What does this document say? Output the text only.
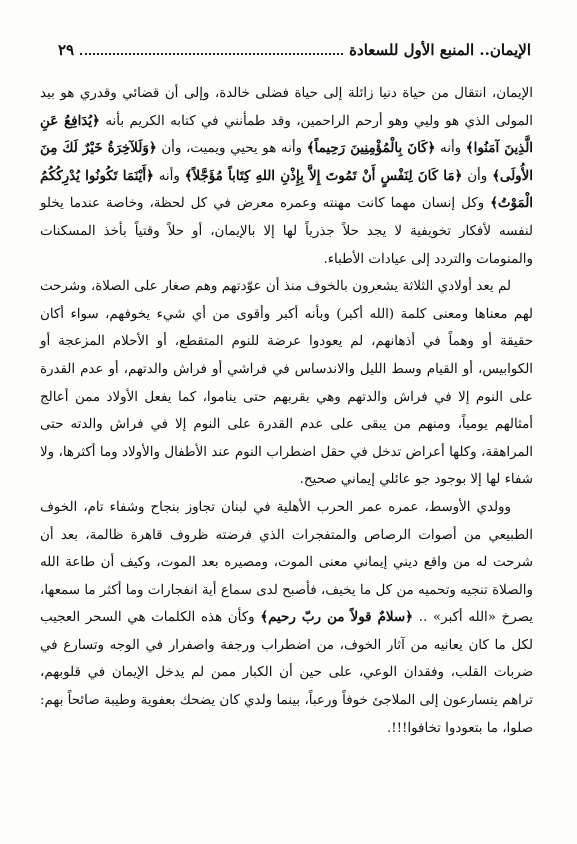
الإيمان.. المنبع الأول للسعادة
٢٩

الإيمان، انتقال من حياة دنيا زائلة إلى حياة فضلى خالدة، وإلى أن قضائي وقدري هو بيد المولى الذي هو وليي وهو أرحم الراحمين، وقد طمأنني في كتابه الكريم بأنه ﴿يُدَافِعُ عَنِ الَّذِينَ آمَنُوا﴾ وأنه ﴿كَانَ بِالْمُؤْمِنِينَ رَحِيماً﴾ وأنه هو يحيي ويميت، وأن ﴿وَلَلآخِرَةُ خَيْرٌ لَكَ مِنَ الأُولَى﴾ وأن ﴿مَا كَانَ لِنَفْسٍ أَنْ تَمُوتَ إِلاَّ بِإِذْنِ اللهِ كِتَاباً مُؤَجَّلاً﴾ وأنه ﴿أَيْنَمَا تَكُونُوا يُدْرِكُكُمُ الْمَوْتُ﴾ وكل إنسان مهما كانت مهنته وعمره معرض في كل لحظة، وخاصة عندما يخلو لنفسه لأفكار تخويفية لا يجد حلاً جذرياً لها إلا بالإيمان، أو حلاً وقتياً بأخذ المسكنات والمنومات والتردد إلى عيادات الأطباء.

لم يعد أولادي الثلاثة يشعرون بالخوف منذ أن عوّدتهم وهم صغار على الصلاة، وشرحت لهم معناها ومعنى كلمة (الله أكبر) وبأنه أكبر وأقوى من أي شيء يخوفهم، سواء أكان حقيقة أو وهماً في أذهانهم، لم يعودوا عرضة للنوم المتقطع، أو الأحلام المزعجة أو الكوابيس، أو القيام وسط الليل والاندساس في فراشي أو فراش والدتهم، أو عدم القدرة على النوم إلا في فراش والدتهم وهي بقربهم حتى يناموا، كما يفعل الأولاد ممن أعالج أمثالهم يومياً، ومنهم من يبقى على عدم القدرة على النوم إلا في فراش والدته حتى المراهقة، وكلها أعراض تدخل في حقل اضطراب النوم عند الأطفال والأولاد وما أكثرها، ولا شفاء لها إلا بوجود جو عائلي إيماني صحيح.

وولدي الأوسط، عمره عمر الحرب الأهلية في لبنان تجاوز بنجاح وشفاء تام، الخوف الطبيعي من أصوات الرصاص والمتفجرات الذي فرضته ظروف قاهرة ظالمة، بعد أن شرحت له من واقع ديني إيماني معنى الموت، ومصيره بعد الموت، وكيف أن طاعة الله والصلاة تنجيه وتحميه من كل ما يخيف، فأصبح لدى سماع أية انفجارات وما أكثر ما سمعها، يصرخ «الله أكبر» .. ﴿سلامٌ قولاً من ربّ رحيم﴾ وكأن هذه الكلمات هي السحر العجيب لكل ما كان يعانيه من آثار الخوف، من اضطراب ورجفة واصفرار في الوجه وتسارع في ضربات القلب، وفقدان الوعي، على حين أن الكبار ممن لم يدخل الإيمان في قلوبهم، تراهم يتسارعون إلى الملاجئ خوفاً ورعباً، بينما ولدي كان يضحك بعفوية وطيبة صائحاً بهم: صلوا، ما بتعودوا تخافوا!!!.
